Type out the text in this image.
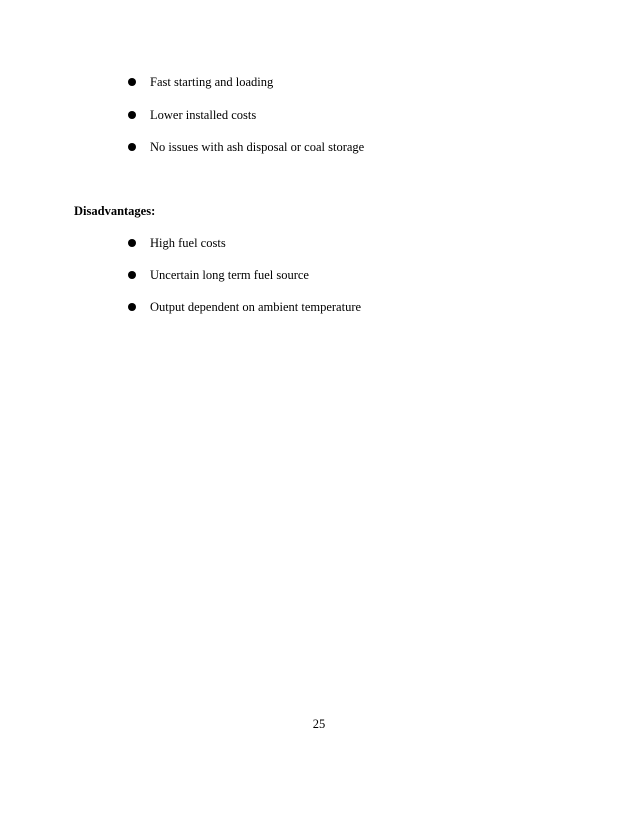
Fast starting and loading
Lower installed costs
No issues with ash disposal or coal storage
Disadvantages:
High fuel costs
Uncertain long term fuel source
Output dependent on ambient temperature
25
